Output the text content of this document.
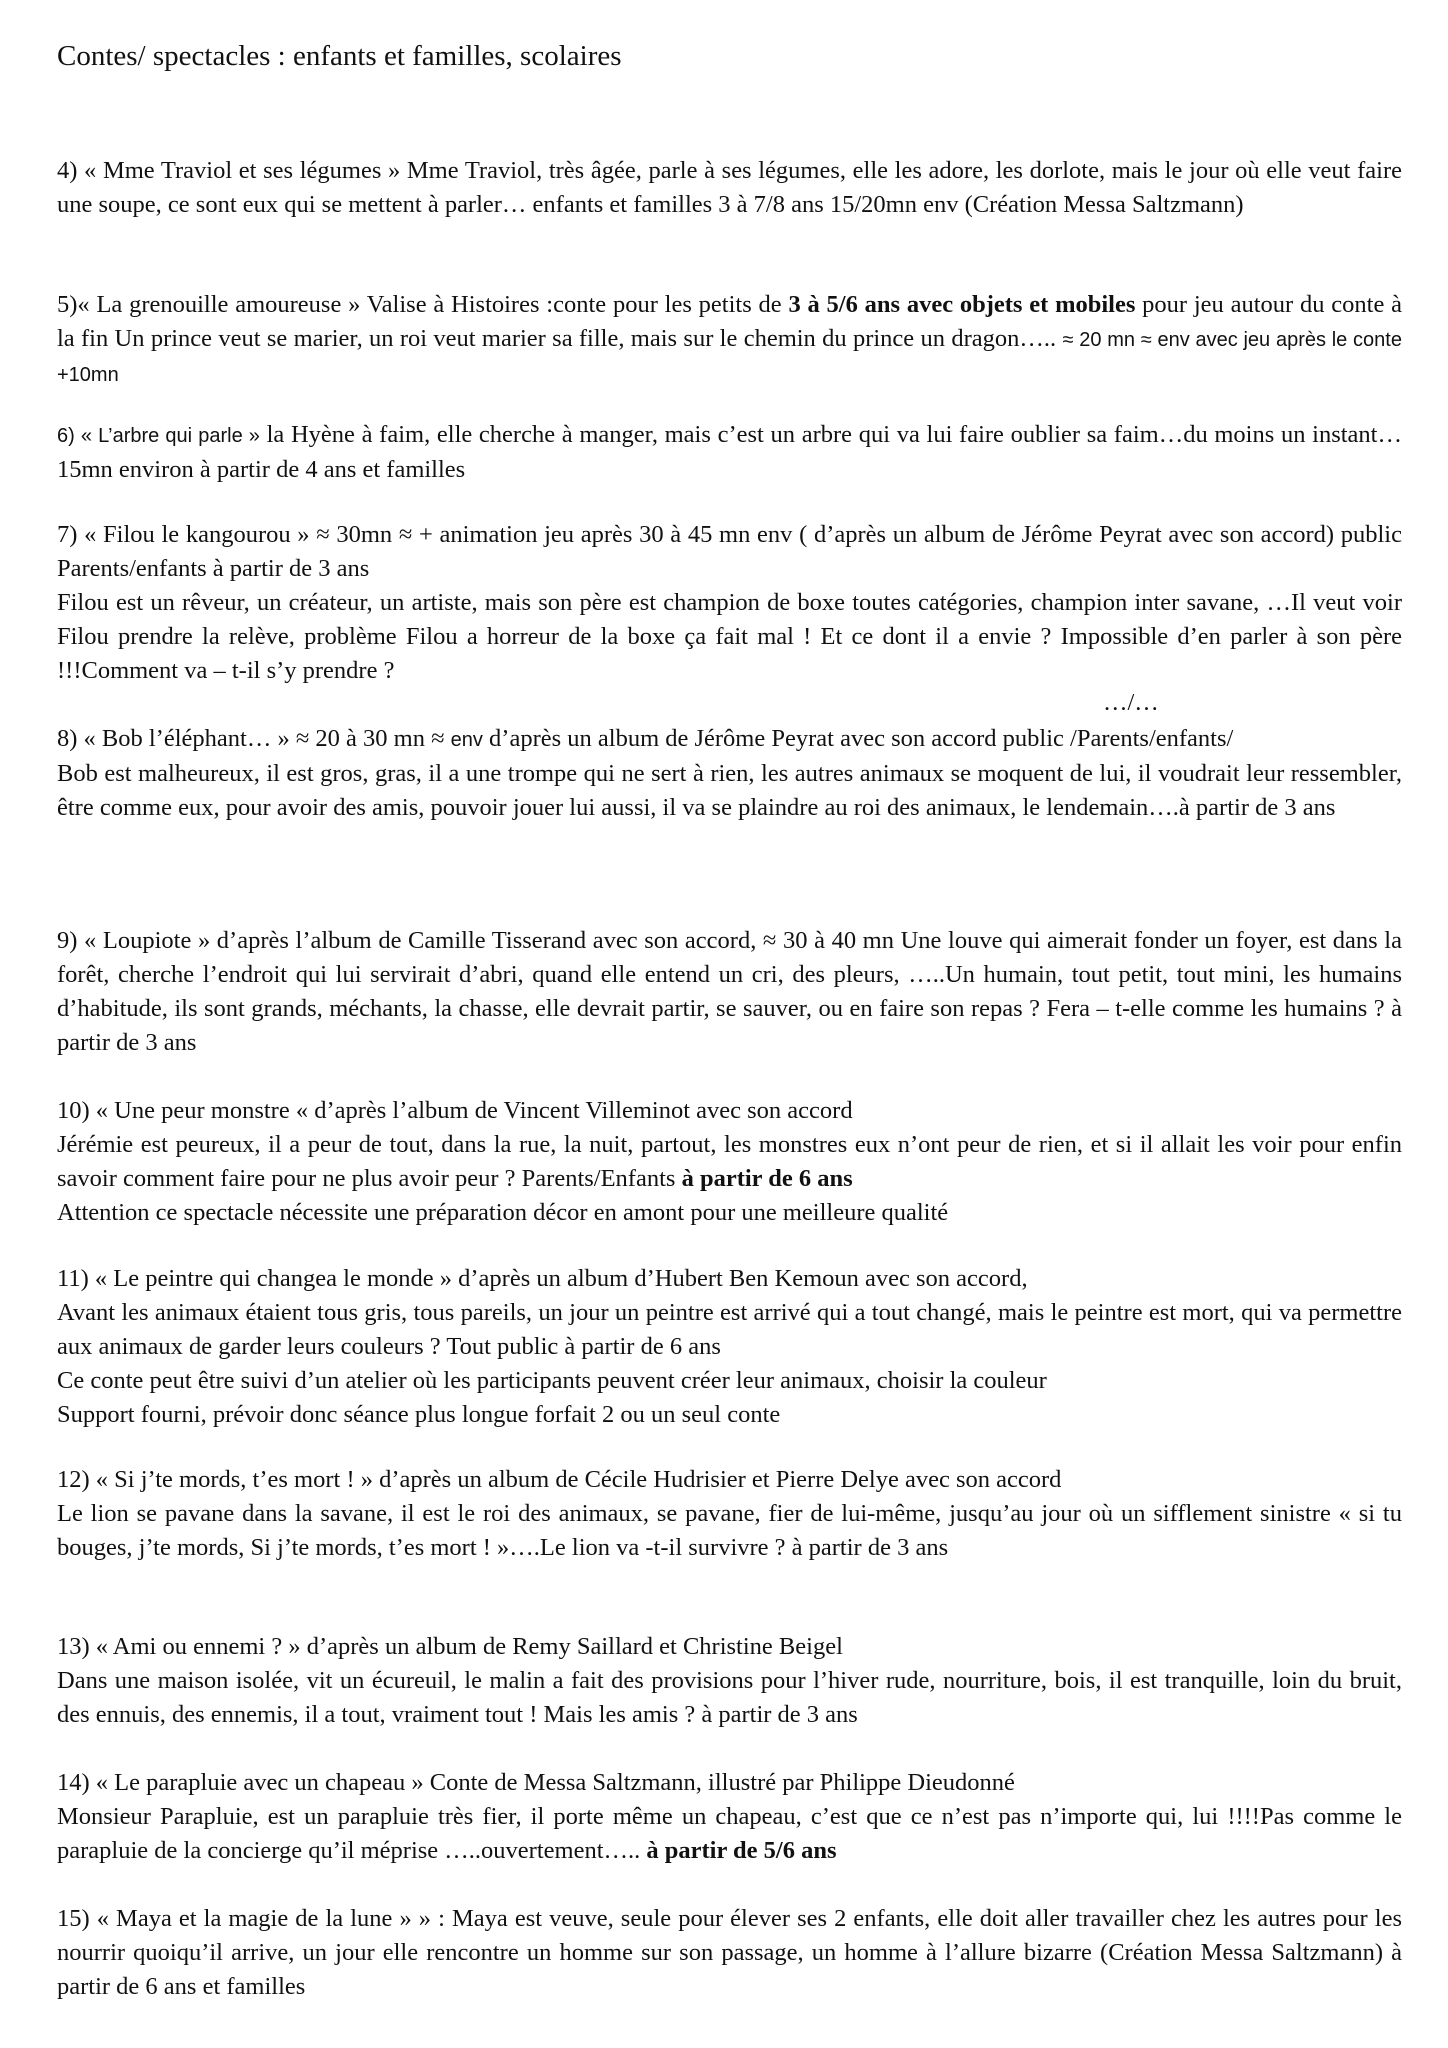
Contes/ spectacles : enfants et familles, scolaires

4) « Mme Traviol et ses légumes » Mme Traviol, très âgée, parle à ses légumes, elle les adore, les dorlote, mais le jour où elle veut faire une soupe, ce sont eux qui se mettent à parler… enfants et familles 3 à 7/8 ans 15/20mn env (Création Messa Saltzmann)

5)« La grenouille amoureuse » Valise à Histoires :conte pour les petits de 3 à 5/6 ans avec objets et mobiles pour jeu autour du conte à la fin Un prince veut se marier, un roi veut marier sa fille, mais sur le chemin du prince un dragon….. ≈ 20 mn ≈ env avec jeu après le conte +10mn

6) « L’arbre qui parle » la Hyène à faim, elle cherche à manger, mais c’est un arbre qui va lui faire oublier sa faim…du moins un instant…15mn environ à partir de 4 ans et familles

7) « Filou le kangourou » ≈ 30mn ≈ + animation jeu après 30 à 45 mn env ( d’après un album de Jérôme Peyrat avec son accord) public Parents/enfants à partir de 3 ans

Filou est un rêveur, un créateur, un artiste, mais son père est champion de boxe toutes catégories, champion inter savane, …Il veut voir Filou prendre la relève, problème Filou a horreur de la boxe ça fait mal ! Et ce dont il a envie ? Impossible d’en parler à son père !!!Comment va – t-il s’y prendre ?

…/…

8) « Bob l’éléphant… » ≈ 20 à 30 mn ≈ env d’après un album de Jérôme Peyrat avec son accord public /Parents/enfants/

Bob est malheureux, il est gros, gras, il a une trompe qui ne sert à rien, les autres animaux se moquent de lui, il voudrait leur ressembler, être comme eux, pour avoir des amis, pouvoir jouer lui aussi, il va se plaindre au roi des animaux, le lendemain….à partir de 3 ans

9) « Loupiote » d’après l’album de Camille Tisserand avec son accord, ≈ 30 à 40 mn Une louve qui aimerait fonder un foyer, est dans la forêt, cherche l’endroit qui lui servirait d’abri, quand elle entend un cri, des pleurs, …..Un humain, tout petit, tout mini, les humains d’habitude, ils sont grands, méchants, la chasse, elle devrait partir, se sauver, ou en faire son repas ? Fera – t-elle comme les humains ? à partir de 3 ans

10) « Une peur monstre « d’après l’album de Vincent Villeminot avec son accord

Jérémie est peureux, il a peur de tout, dans la rue, la nuit, partout, les monstres eux n’ont peur de rien, et si il allait les voir pour enfin savoir comment faire pour ne plus avoir peur ? Parents/Enfants à partir de 6 ans

Attention ce spectacle nécessite une préparation décor en amont pour une meilleure qualité

11) « Le peintre qui changea le monde » d’après un album d’Hubert Ben Kemoun avec son accord,

Avant les animaux étaient tous gris, tous pareils, un jour un peintre est arrivé qui a tout changé, mais le peintre est mort, qui va permettre aux animaux de garder leurs couleurs ? Tout public à partir de 6 ans

Ce conte peut être suivi d’un atelier où les participants peuvent créer leur animaux, choisir la couleur

Support fourni, prévoir donc séance plus longue forfait 2 ou un seul conte

12) « Si j’te mords, t’es mort ! » d’après un album de Cécile Hudrisier et Pierre Delye avec son accord

Le lion se pavane dans la savane, il est le roi des animaux, se pavane, fier de lui-même, jusqu’au jour où un sifflement sinistre « si tu bouges, j’te mords, Si j’te mords, t’es mort ! »….Le lion va -t-il survivre ? à partir de 3 ans

13) « Ami ou ennemi ? » d’après un album de Remy Saillard et Christine Beigel

Dans une maison isolée, vit un écureuil, le malin a fait des provisions pour l’hiver rude, nourriture, bois, il est tranquille, loin du bruit, des ennuis, des ennemis, il a tout, vraiment tout ! Mais les amis ? à partir de 3 ans

14) « Le parapluie avec un chapeau » Conte de Messa Saltzmann, illustré par Philippe Dieudonné

Monsieur Parapluie, est un parapluie très fier, il porte même un chapeau, c’est que ce n’est pas n’importe qui, lui !!!!Pas comme le parapluie de la concierge qu’il méprise …..ouvertement….. à partir de 5/6 ans

15) « Maya et la magie de la lune » » : Maya est veuve, seule pour élever ses 2 enfants, elle doit aller travailler chez les autres pour les nourrir quoiqu’il arrive, un jour elle rencontre un homme sur son passage, un homme à l’allure bizarre (Création Messa Saltzmann) à partir de 6 ans et familles
